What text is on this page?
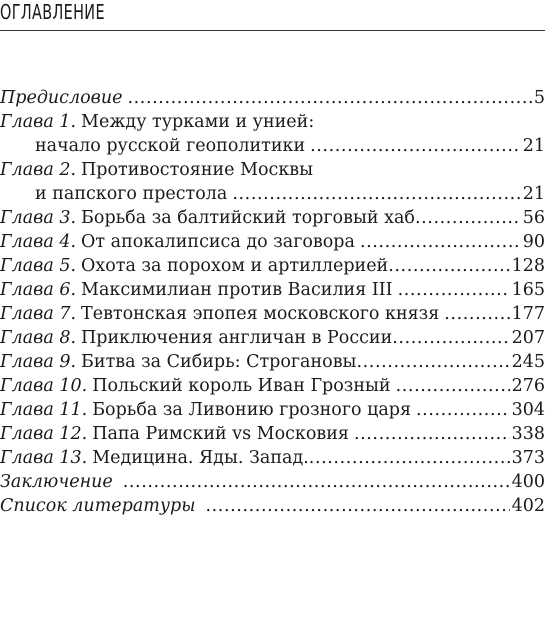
ОГЛАВЛЕНИЕ
Предисловие .....	5
Глава 1. Между турками и унией:
начало русской геополитики .....	21
Глава 2. Противостояние Москвы
и папского престола .....	21
Глава 3. Борьба за балтийский торговый хаб .....	56
Глава 4. От апокалипсиса до заговора .....	90
Глава 5. Охота за порохом и артиллерией .....	128
Глава 6. Максимилиан против Василия III .....	165
Глава 7. Тевтонская эпопея московского князя .....	177
Глава 8. Приключения англичан в России .....	207
Глава 9. Битва за Сибирь: Строгановы .....	245
Глава 10. Польский король Иван Грозный .....	276
Глава 11. Борьба за Ливонию грозного царя .....	304
Глава 12. Папа Римский vs Московия .....	338
Глава 13. Медицина. Яды. Запад. .....	373
Заключение .....	400
Список литературы .....	402
